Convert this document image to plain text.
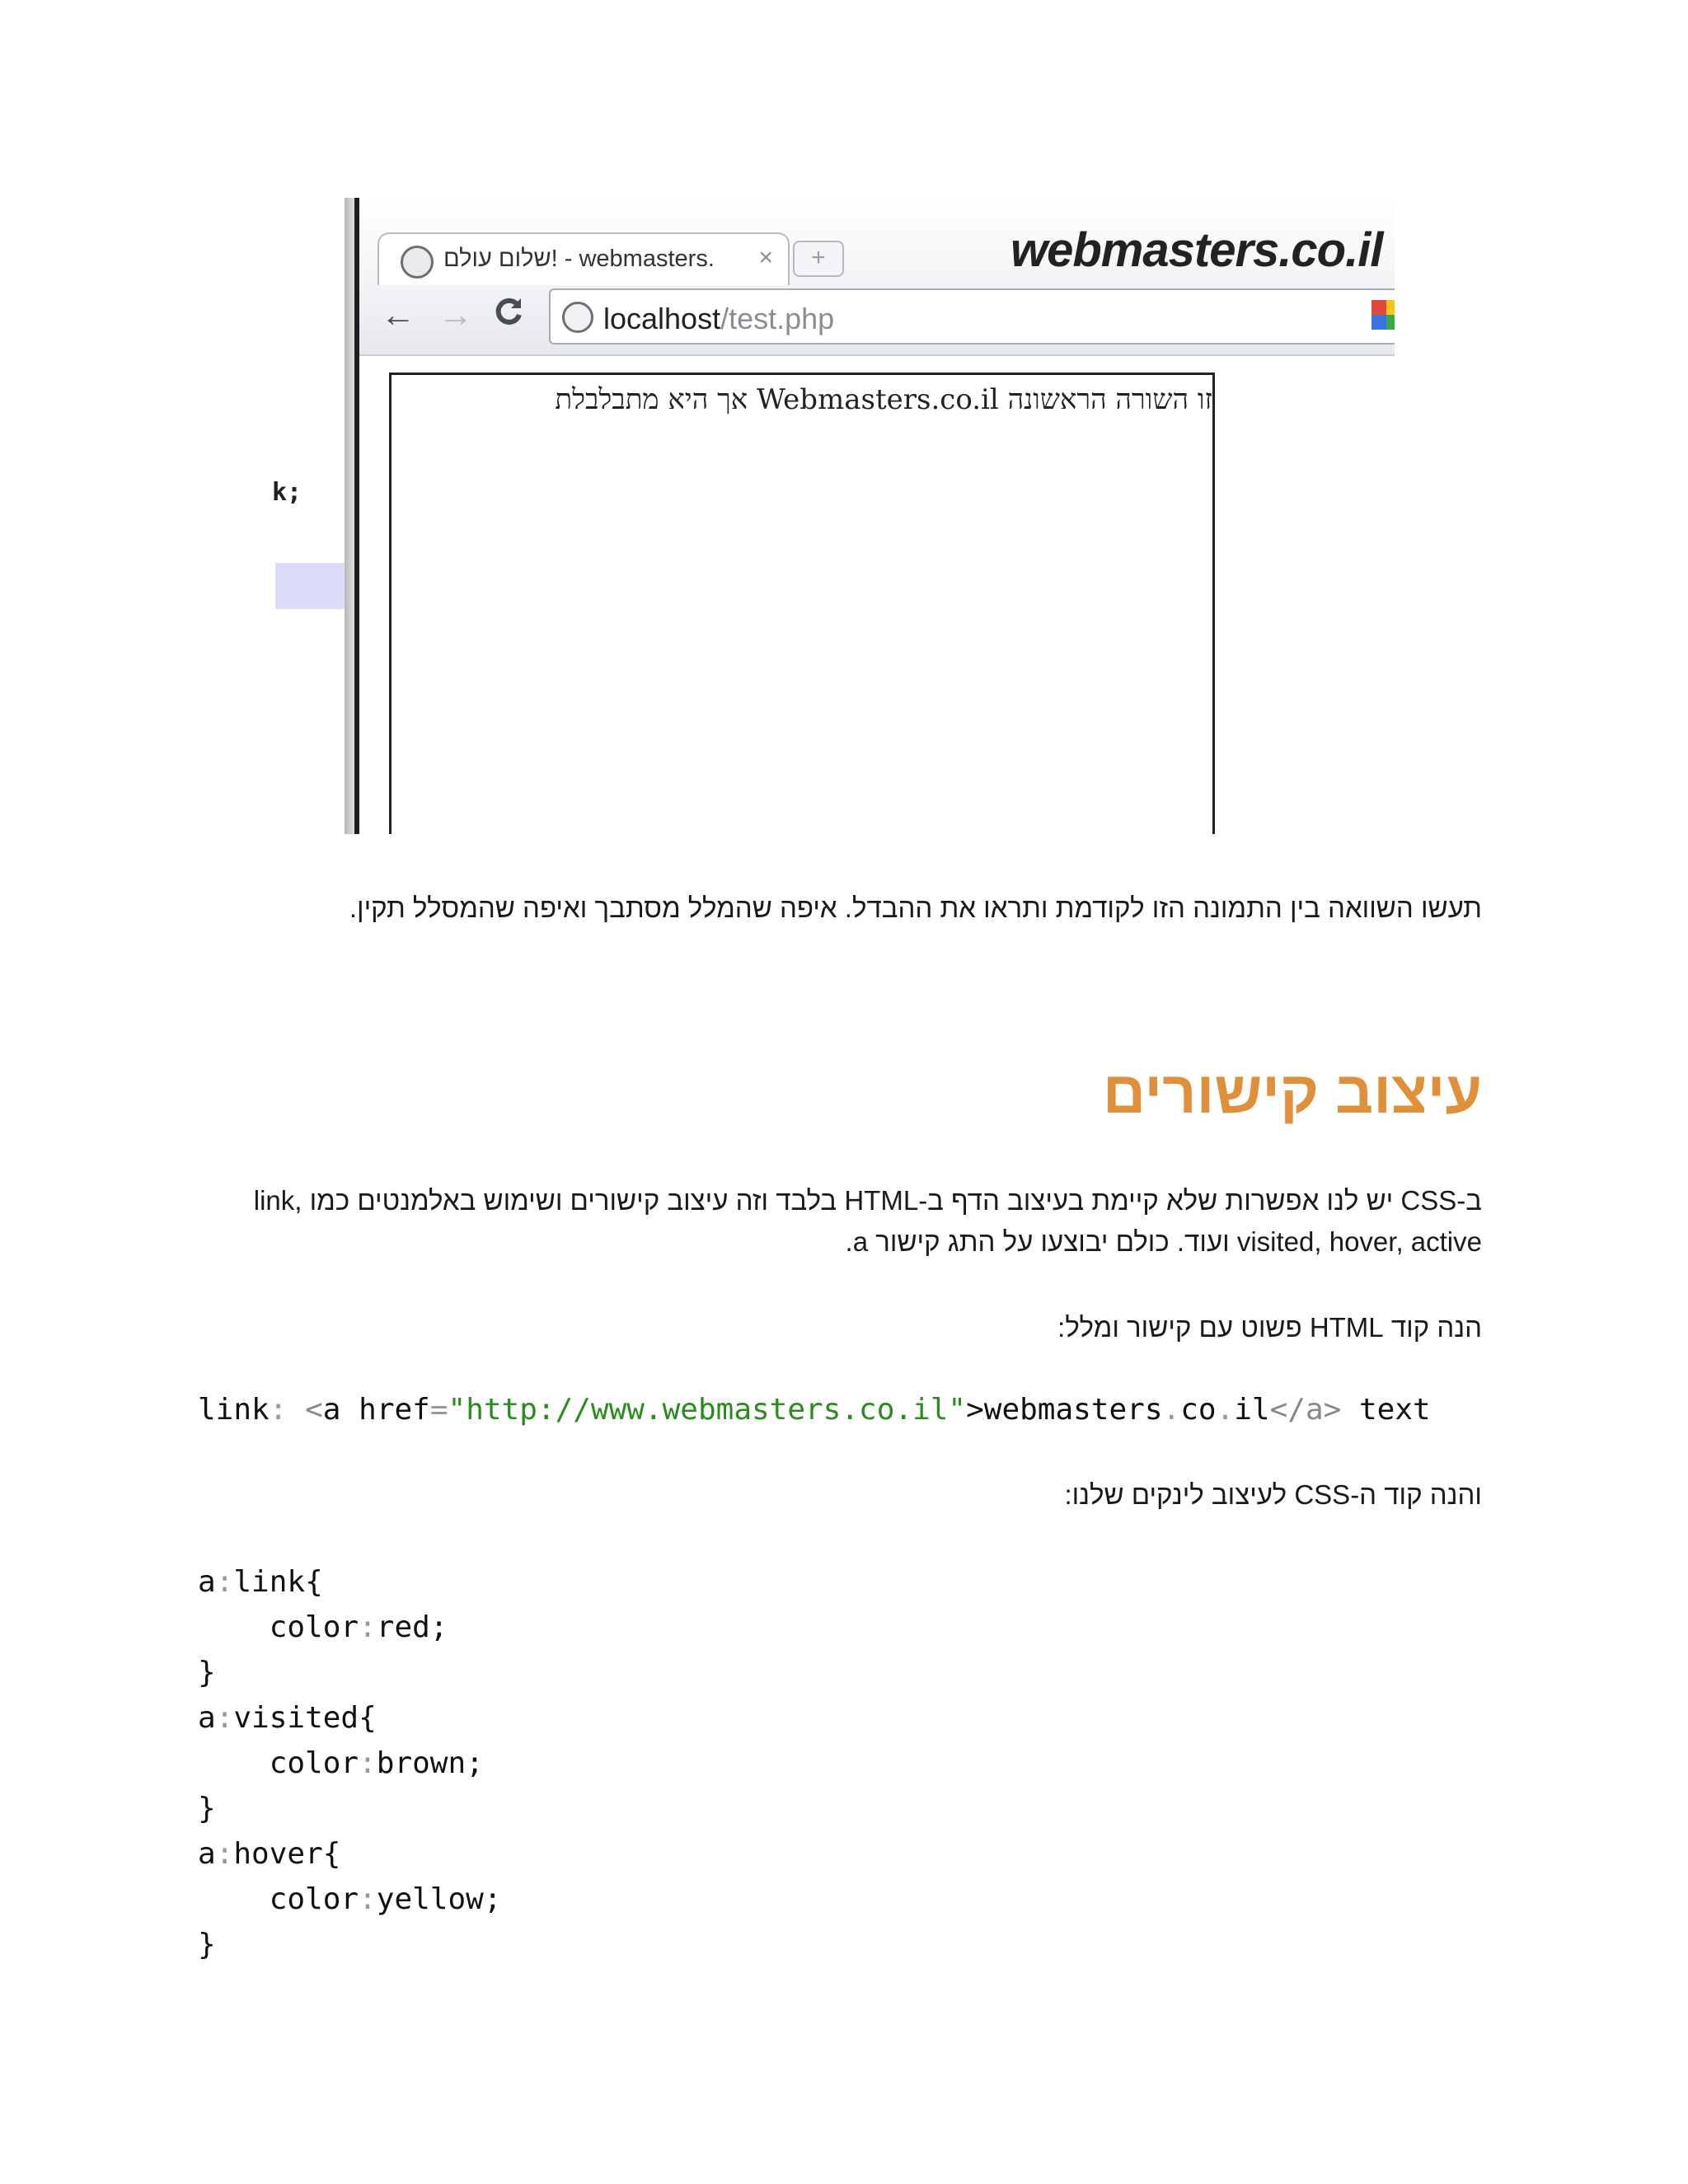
k;
שלום עולם! - webmasters. ×	+	webmasters.co.il
← →	localhost/test.php
זו השורה הראשונה Webmasters.co.il אך היא מתבלבלת

תעשו השוואה בין התמונה הזו לקודמת ותראו את ההבדל. איפה שהמלל מסתבך ואיפה שהמסלל תקין.

עיצוב קישורים

ב-CSS יש לנו אפשרות שלא קיימת בעיצוב הדף ב-HTML בלבד וזה עיצוב קישורים ושימוש באלמנטים כמו link, visited, hover, active ועוד. כולם יבוצעו על התג קישור a.

הנה קוד HTML פשוט עם קישור ומלל:

link: <a href="http://www.webmasters.co.il">webmasters.co.il</a> text

והנה קוד ה-CSS לעיצוב לינקים שלנו:

a:link{
color:red;
}
a:visited{
color:brown;
}
a:hover{
color:yellow;
}
